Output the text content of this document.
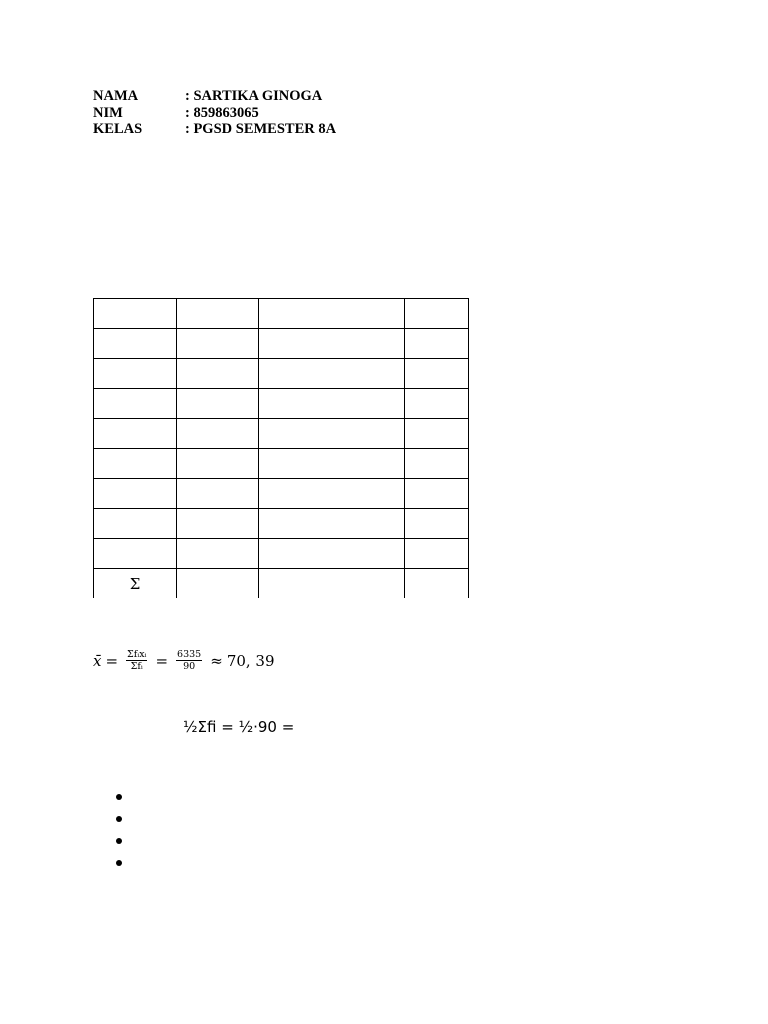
NAMA	: SARTIKA GINOGA
NIM	: 859863065
KELAS	: PGSD SEMESTER 8A

Σ			
x̄ = $\frac{\text{Σfᵢxᵢ}}{\text{Σfᵢ}} = \frac{6335}{90} \approx 70$, 39
½Σfi = ½·90 =
